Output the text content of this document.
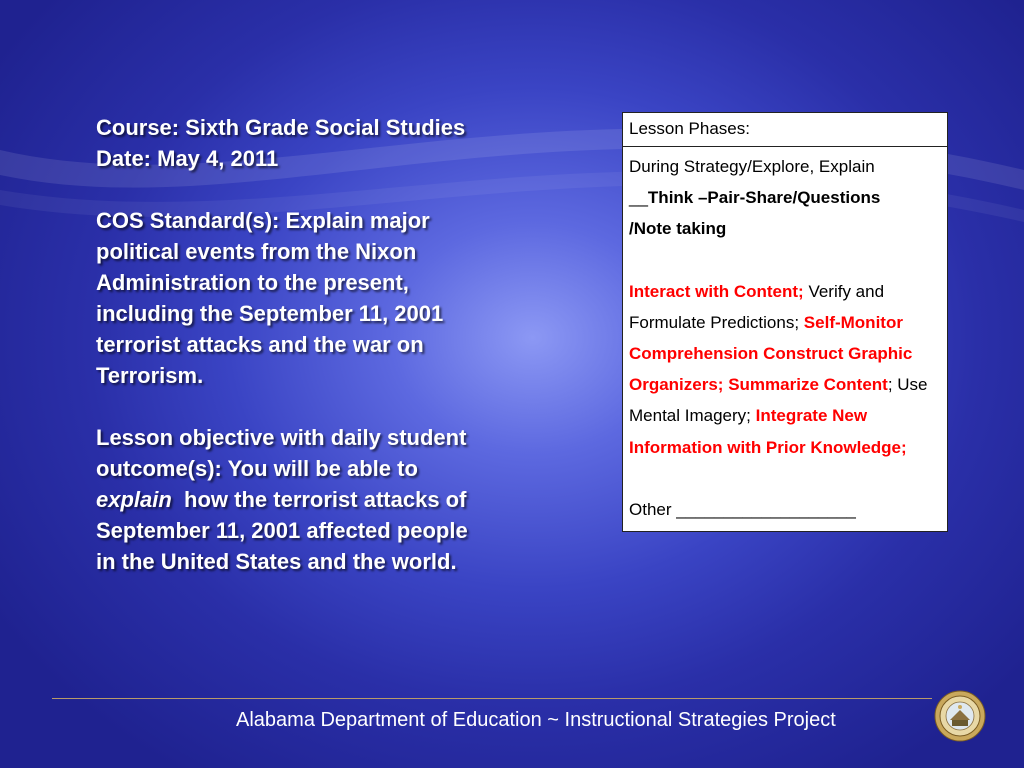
Course: Sixth Grade Social Studies

Date: May 4, 2011

COS Standard(s): Explain major

political events from the Nixon

Administration to the present,

including the September 11, 2001

terrorist attacks and the war on

Terrorism.

Lesson objective with daily student

outcome(s): You will be able to

explain  how the terrorist attacks of

September 11, 2001 affected people

in the United States and the world.

Lesson Phases:

During Strategy/Explore, Explain

__Think –Pair-Share/Questions

/Note taking

Interact with Content; Verify and Formulate Predictions; Self-Monitor Comprehension Construct Graphic Organizers; Summarize Content; Use Mental Imagery; Integrate New Information with Prior Knowledge;

Other ___________________

Alabama Department of Education ~ Instructional Strategies Project
